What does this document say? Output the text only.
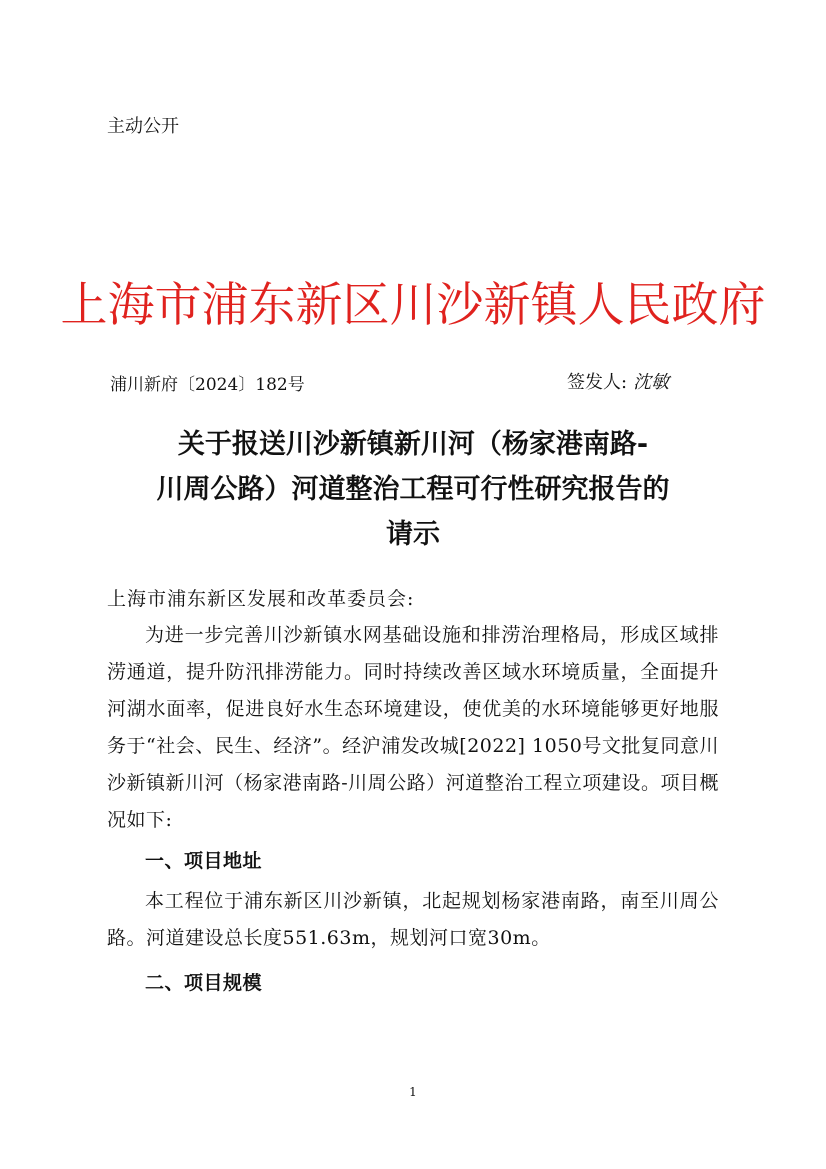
主动公开
上海市浦东新区川沙新镇人民政府
浦川新府〔2024〕182号	签发人: 沈敏
关于报送川沙新镇新川河（杨家港南路-
川周公路）河道整治工程可行性研究报告的
请示
上海市浦东新区发展和改革委员会:

为进一步完善川沙新镇水网基础设施和排涝治理格局，形成区域排涝通道，提升防汛排涝能力。同时持续改善区域水环境质量，全面提升河湖水面率，促进良好水生态环境建设，使优美的水环境能够更好地服务于“社会、民生、经济”。经沪浦发改城[2022] 1050号文批复同意川沙新镇新川河（杨家港南路-川周公路）河道整治工程立项建设。项目概况如下:

一、项目地址

本工程位于浦东新区川沙新镇，北起规划杨家港南路，南至川周公路。河道建设总长度551.63m，规划河口宽30m。

二、项目规模
1
